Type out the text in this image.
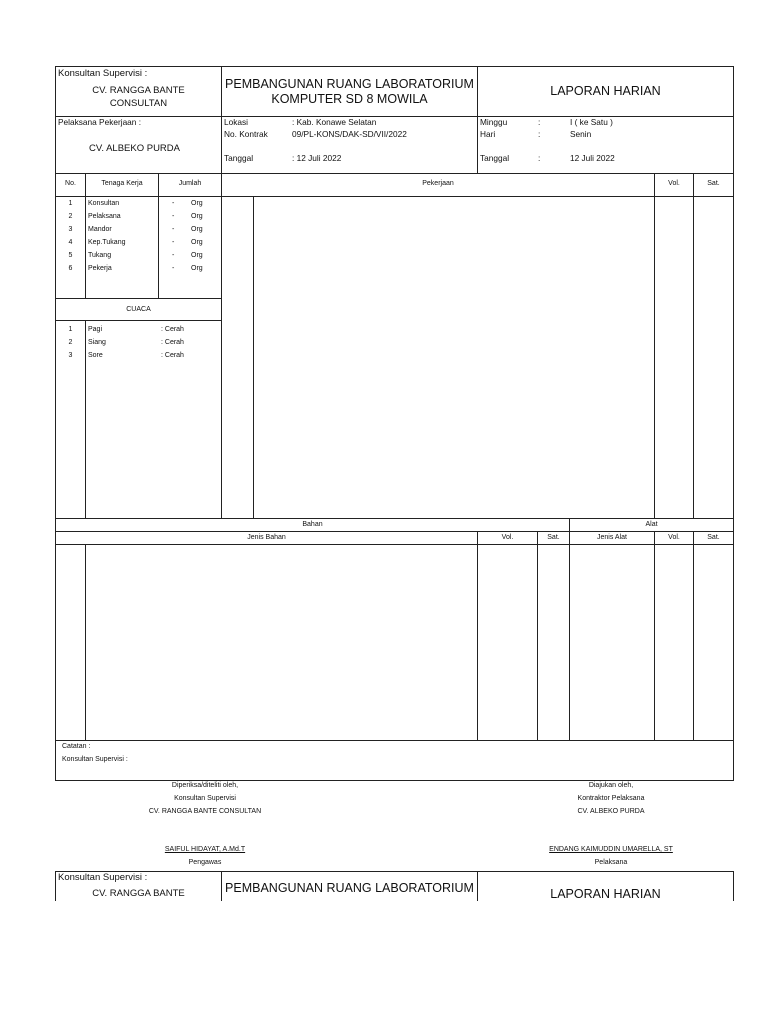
Konsultan Supervisi :
CV. RANGGA BANTE
CONSULTAN
PEMBANGUNAN RUANG LABORATORIUM
KOMPUTER SD 8 MOWILA
LAPORAN HARIAN
Pelaksana Pekerjaan :
CV. ALBEKO PURDA
Lokasi	: Kab. Konawe Selatan
No. Kontrak	09/PL-KONS/DAK-SD/VII/2022
Tanggal	: 12 Juli 2022
Minggu	:	I ( ke Satu )
Hari	:	Senin
Tanggal	:	12 Juli 2022
No.	Tenaga Kerja	Jumlah	Pekerjaan	Vol.	Sat.
1	Konsultan	- Org
2	Pelaksana	- Org
3	Mandor	- Org
4	Kep.Tukang	- Org
5	Tukang	- Org
6	Pekerja	- Org
CUACA
1	Pagi	: Cerah
2	Siang	: Cerah
3	Sore	: Cerah
Bahan	Alat
Jenis Bahan	Vol.	Sat.	Jenis Alat	Vol.	Sat.
Catatan :
Konsultan Supervisi :
Diperiksa/diteliti oleh,
Konsultan Supervisi
CV. RANGGA BANTE CONSULTAN
SAIFUL HIDAYAT, A.Md.T
Pengawas
Diajukan oleh,
Kontraktor Pelaksana
CV. ALBEKO PURDA
ENDANG KAIMUDDIN UMARELLA, ST
Pelaksana
Konsultan Supervisi :
CV. RANGGA BANTE	PEMBANGUNAN RUANG LABORATORIUM	LAPORAN HARIAN
